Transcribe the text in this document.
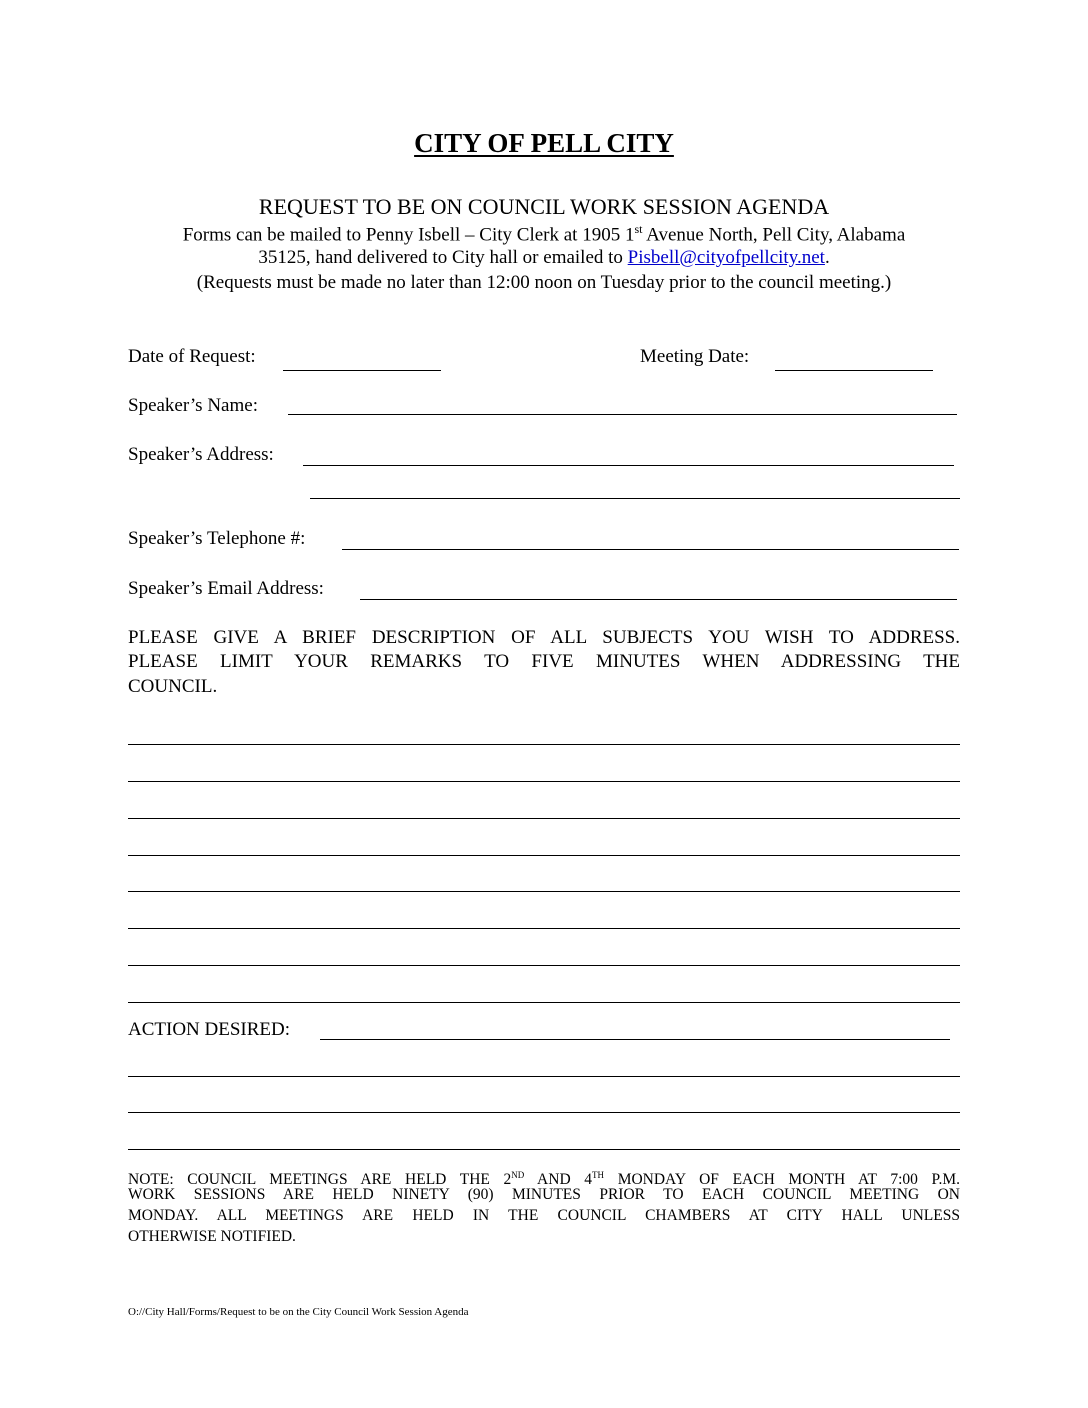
CITY OF PELL CITY
REQUEST TO BE ON COUNCIL WORK SESSION AGENDA
Forms can be mailed to Penny Isbell – City Clerk at 1905 1st Avenue North, Pell City, Alabama
35125, hand delivered to City hall or emailed to Pisbell@cityofpellcity.net.
(Requests must be made no later than 12:00 noon on Tuesday prior to the council meeting.)
Date of Request:	Meeting Date:
Speaker’s Name:
Speaker’s Address:
Speaker’s Telephone #:
Speaker’s Email Address:
PLEASE GIVE A BRIEF DESCRIPTION OF ALL SUBJECTS YOU WISH TO ADDRESS.
PLEASE LIMIT YOUR REMARKS TO FIVE MINUTES WHEN ADDRESSING THE
COUNCIL.
ACTION DESIRED:
NOTE: COUNCIL MEETINGS ARE HELD THE 2ND AND 4TH MONDAY OF EACH MONTH AT 7:00 P.M.
WORK SESSIONS ARE HELD NINETY (90) MINUTES PRIOR TO EACH COUNCIL MEETING ON
MONDAY. ALL MEETINGS ARE HELD IN THE COUNCIL CHAMBERS AT CITY HALL UNLESS
OTHERWISE NOTIFIED.
O://City Hall/Forms/Request to be on the City Council Work Session Agenda
